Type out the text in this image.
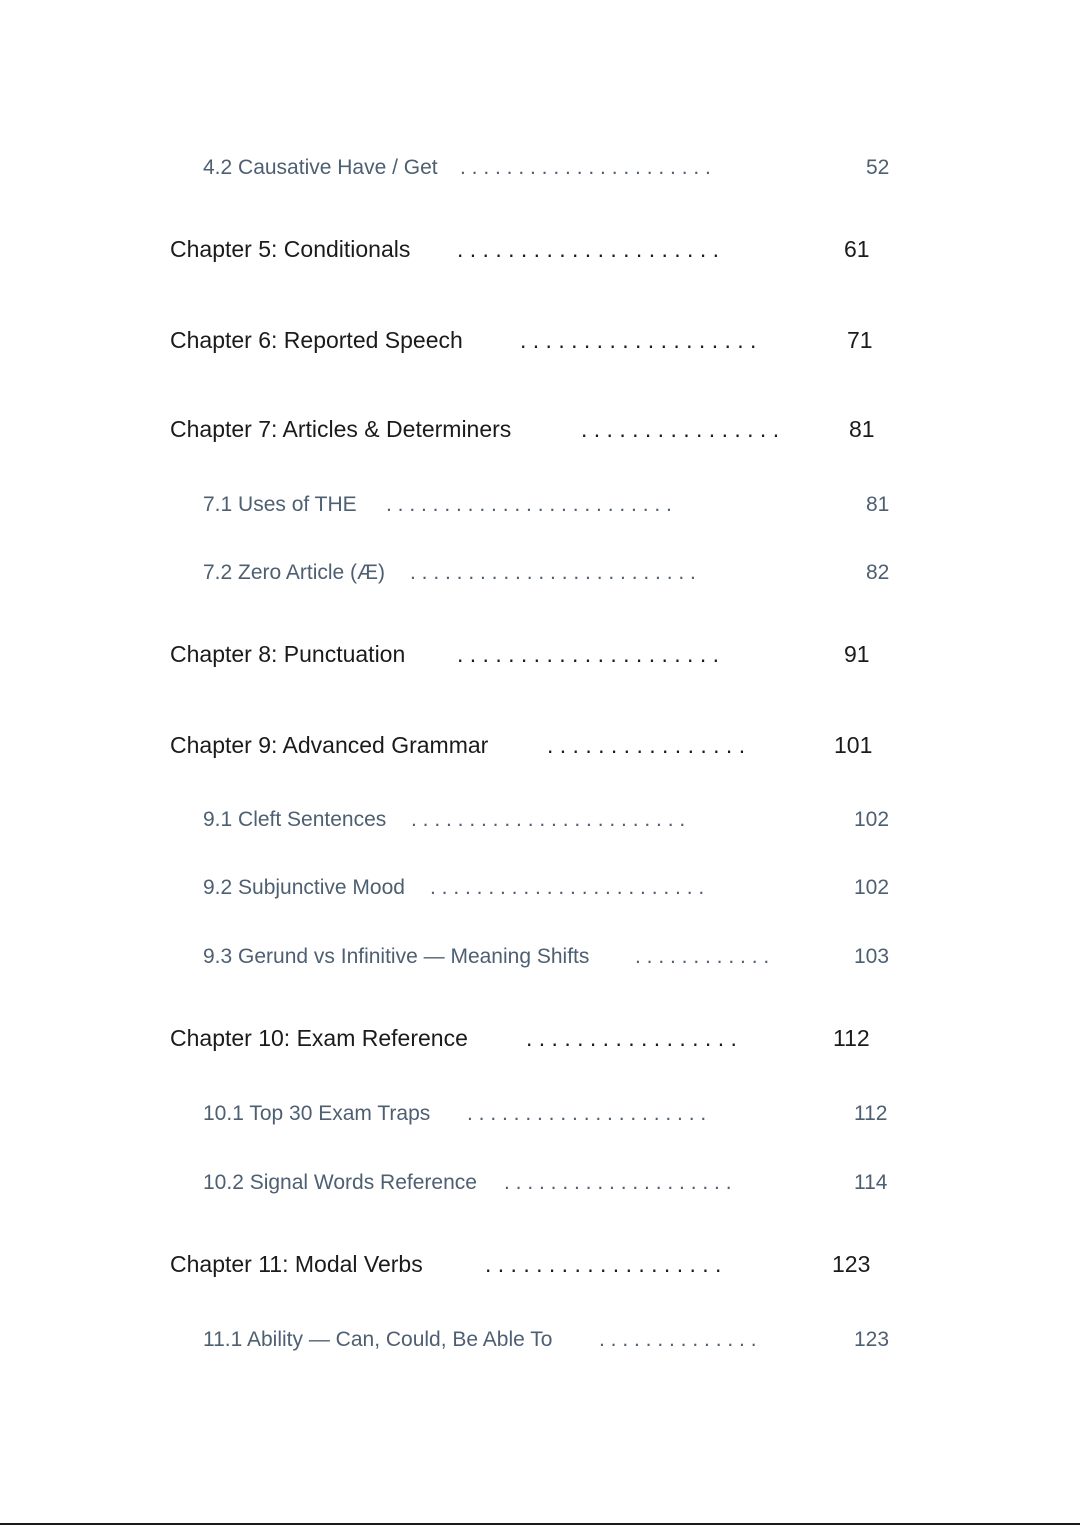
4.2 Causative Have / Get . . . . . . . . . . . . . . . . . . . . . .	52
Chapter 5: Conditionals . . . . . . . . . . . . . . . . . . . . .	61
Chapter 6: Reported Speech . . . . . . . . . . . . . . . . . . .	71
Chapter 7: Articles & Determiners	. . . . . . . . . . . . . . . .	81
7.1 Uses of THE . . . . . . . . . . . . . . . . . . . . . . . . .	81
7.2 Zero Article (Æ) . . . . . . . . . . . . . . . . . . . . . . . . .	82
Chapter 8: Punctuation . . . . . . . . . . . . . . . . . . . . .	91
Chapter 9: Advanced Grammar	. . . . . . . . . . . . . . . .	101
9.1 Cleft Sentences . . . . . . . . . . . . . . . . . . . . . . . .	102
9.2 Subjunctive Mood . . . . . . . . . . . . . . . . . . . . . . . .	102
9.3 Gerund vs Infinitive — Meaning Shifts . . . . . . . . . . . .	103
Chapter 10: Exam Reference	. . . . . . . . . . . . . . . . .	112
10.1 Top 30 Exam Traps . . . . . . . . . . . . . . . . . . . . .	112
10.2 Signal Words Reference . . . . . . . . . . . . . . . . . . . .	114
Chapter 11: Modal Verbs	. . . . . . . . . . . . . . . . . . .	123
11.1 Ability — Can, Could, Be Able To . . . . . . . . . . . . . .	123
